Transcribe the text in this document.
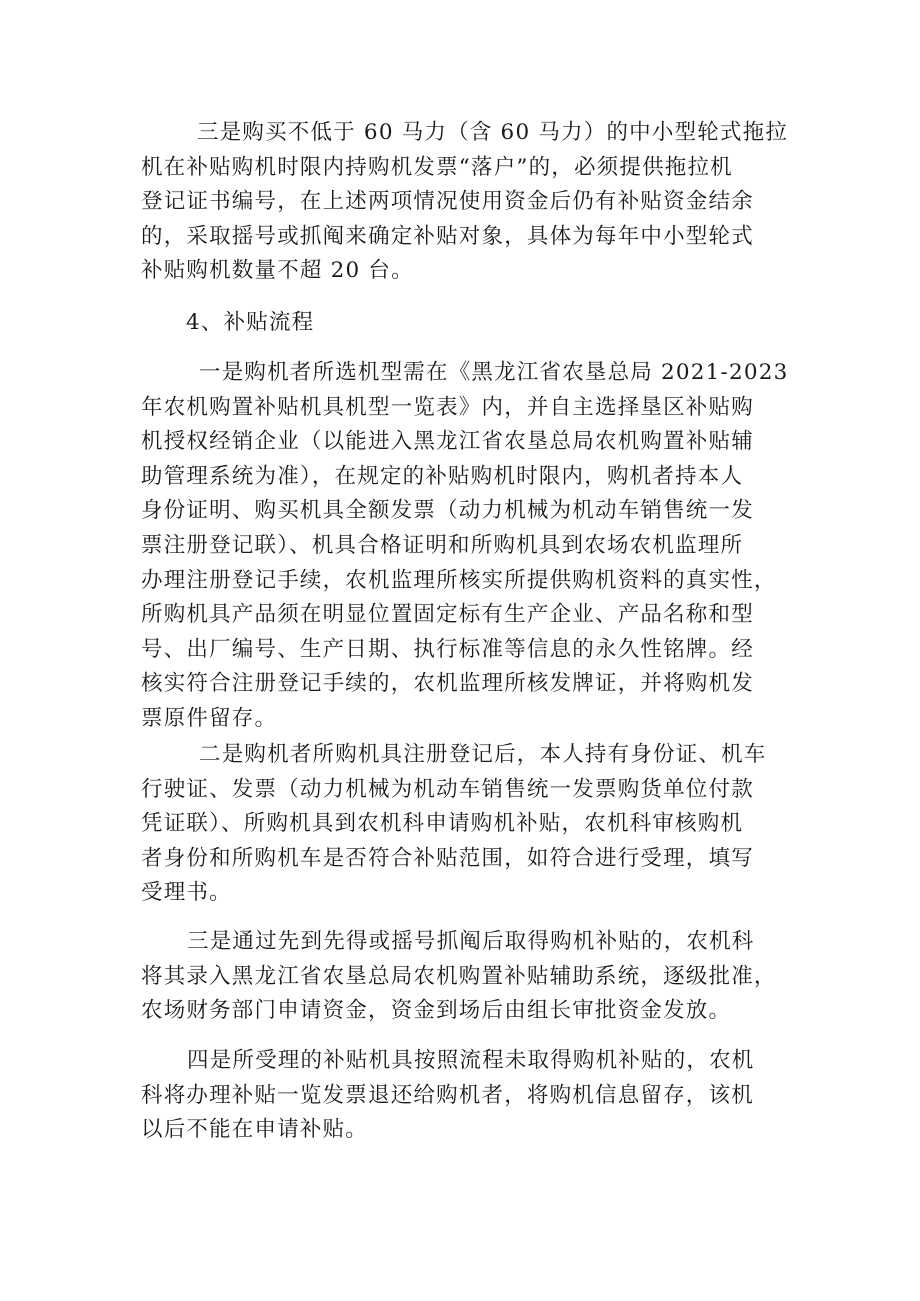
三是购买不低于 60 马力（含 60 马力）的中小型轮式拖拉
机在补贴购机时限内持购机发票“落户”的，必须提供拖拉机
登记证书编号，在上述两项情况使用资金后仍有补贴资金结余
的，采取摇号或抓阄来确定补贴对象，具体为每年中小型轮式
补贴购机数量不超 20 台。
4、补贴流程
一是购机者所选机型需在《黑龙江省农垦总局 2021-2023
年农机购置补贴机具机型一览表》内，并自主选择垦区补贴购
机授权经销企业（以能进入黑龙江省农垦总局农机购置补贴辅
助管理系统为准），在规定的补贴购机时限内，购机者持本人
身份证明、购买机具全额发票（动力机械为机动车销售统一发
票注册登记联）、机具合格证明和所购机具到农场农机监理所
办理注册登记手续，农机监理所核实所提供购机资料的真实性，
所购机具产品须在明显位置固定标有生产企业、产品名称和型
号、出厂编号、生产日期、执行标准等信息的永久性铭牌。经
核实符合注册登记手续的，农机监理所核发牌证，并将购机发
票原件留存。
二是购机者所购机具注册登记后，本人持有身份证、机车
行驶证、发票（动力机械为机动车销售统一发票购货单位付款
凭证联）、所购机具到农机科申请购机补贴，农机科审核购机
者身份和所购机车是否符合补贴范围，如符合进行受理，填写
受理书。
三是通过先到先得或摇号抓阄后取得购机补贴的，农机科
将其录入黑龙江省农垦总局农机购置补贴辅助系统，逐级批准，
农场财务部门申请资金，资金到场后由组长审批资金发放。
四是所受理的补贴机具按照流程未取得购机补贴的，农机
科将办理补贴一览发票退还给购机者，将购机信息留存，该机
以后不能在申请补贴。
